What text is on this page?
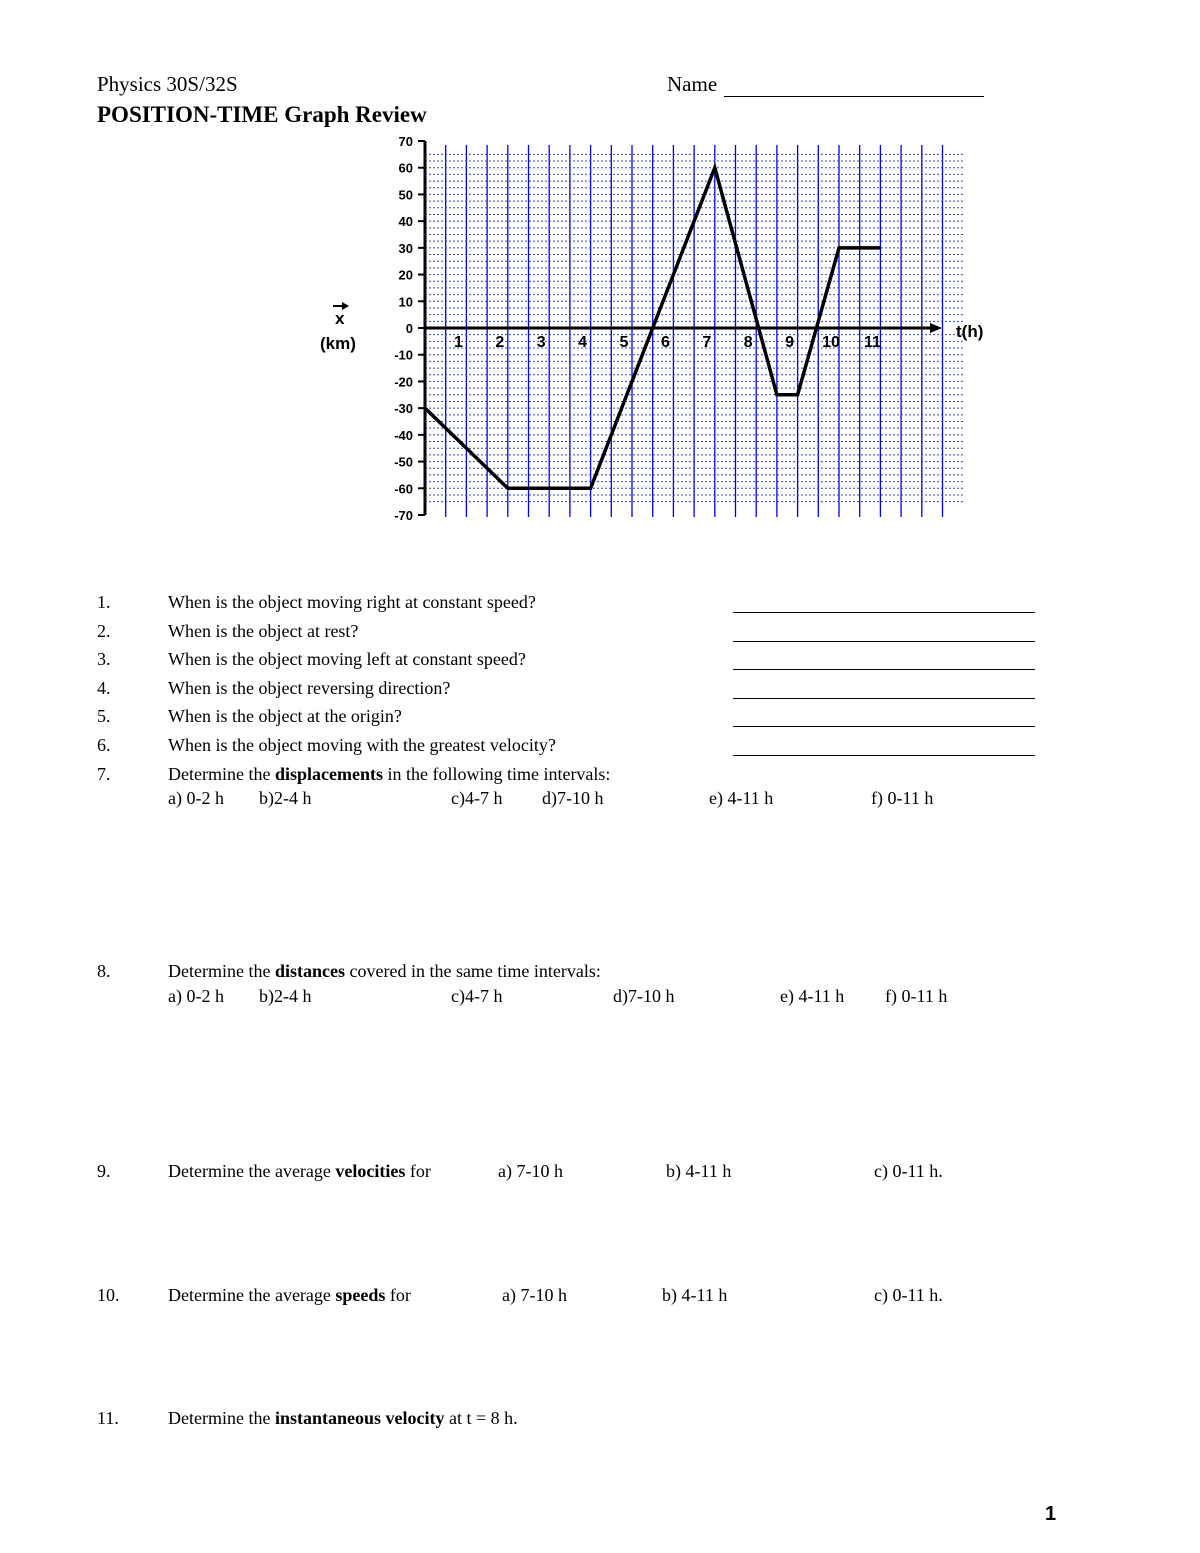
Physics 30S/32S	Name
POSITION-TIME Graph Review
70
60
50
40
30
20
10
0
-10
-20
-30
-40
-50
-60
-70
1 2 3 4 5 6 7 8 9 10 11
x
(km)
t(h)
1.	When is the object moving right at constant speed?
2.	When is the object at rest?
3.	When is the object moving left at constant speed?
4.	When is the object reversing direction?
5.	When is the object at the origin?
6.	When is the object moving with the greatest velocity?
7.	Determine the displacements in the following time intervals:
a) 0-2 h b)2-4 h	c)4-7 h d)7-10 h	e) 4-11 h	f) 0-11 h
8.	Determine the distances covered in the same time intervals:
a) 0-2 h b)2-4 h	c)4-7 h	d)7-10 h	e) 4-11 h f) 0-11 h
9.	Determine the average velocities for	a) 7-10 h	b) 4-11 h	c) 0-11 h.
10.	Determine the average speeds for	a) 7-10 h	b) 4-11 h	c) 0-11 h.
11.	Determine the instantaneous velocity at t = 8 h.
1
